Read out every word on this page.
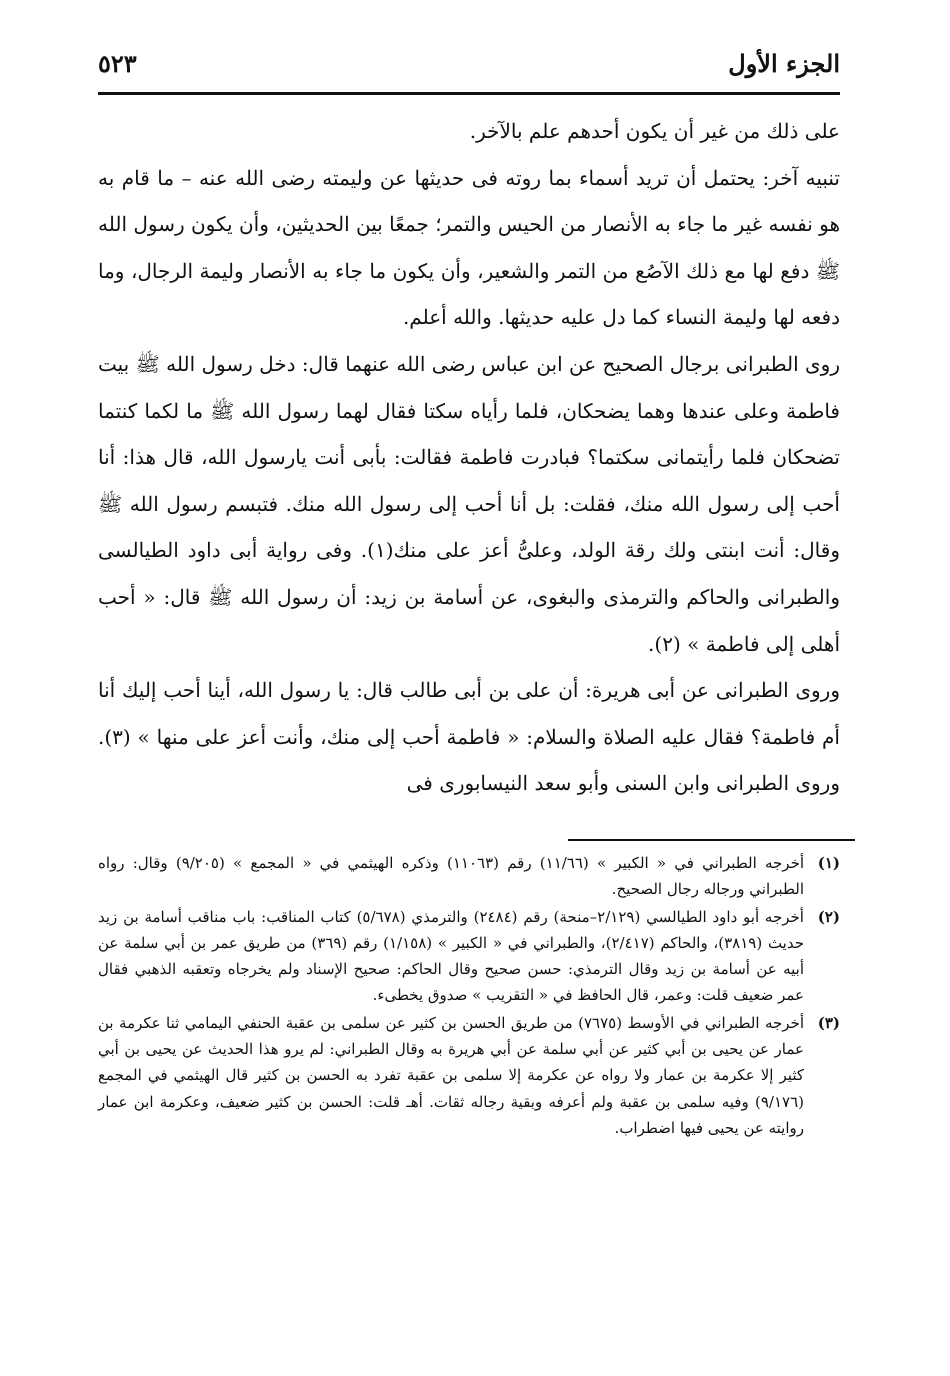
الجزء الأول
٥٢٣

على ذلك من غير أن يكون أحدهم علم بالآخر.

تنبيه آخر: يحتمل أن تريد أسماء بما روته فى حديثها عن وليمته رضى الله عنه – ما قام به هو نفسه غير ما جاء به الأنصار من الحيس والتمر؛ جمعًا بين الحديثين، وأن يكون رسول الله ﷺ دفع لها مع ذلك الآصُع من التمر والشعير، وأن يكون ما جاء به الأنصار وليمة الرجال، وما دفعه لها وليمة النساء كما دل عليه حديثها. والله أعلم.

روى الطبرانى برجال الصحيح عن ابن عباس رضى الله عنهما قال: دخل رسول الله ﷺ بيت فاطمة وعلى عندها وهما يضحكان، فلما رأياه سكتا فقال لهما رسول الله ﷺ ما لكما كنتما تضحكان فلما رأيتمانى سكتما؟ فبادرت فاطمة فقالت: بأبى أنت يارسول الله، قال هذا: أنا أحب إلى رسول الله منك، فقلت: بل أنا أحب إلى رسول الله منك. فتبسم رسول الله ﷺ وقال: أنت ابنتى ولك رقة الولد، وعلىُّ أعز على منك(١). وفى رواية أبى داود الطيالسى والطبرانى والحاكم والترمذى والبغوى، عن أسامة بن زيد: أن رسول الله ﷺ قال: « أحب أهلى إلى فاطمة » (٢).

وروى الطبرانى عن أبى هريرة: أن على بن أبى طالب قال: يا رسول الله، أينا أحب إليك أنا أم فاطمة؟ فقال عليه الصلاة والسلام: « فاطمة أحب إلى منك، وأنت أعز على منها » (٣). وروى الطبرانى وابن السنى وأبو سعد النيسابورى فى

(١)
أخرجه الطبراني في « الكبير » (١١/٦٦) رقم (١١٠٦٣) وذكره الهيثمي في « المجمع » (٩/٢٠٥) وقال: رواه الطبراني ورجاله رجال الصحيح.
(٢)
أخرجه أبو داود الطيالسي (٢/١٢٩–منحة) رقم (٢٤٨٤) والترمذي (٥/٦٧٨) كتاب المناقب: باب مناقب أسامة بن زيد حديث (٣٨١٩)، والحاكم (٢/٤١٧)، والطبراني في « الكبير » (١/١٥٨) رقم (٣٦٩) من طريق عمر بن أبي سلمة عن أبيه عن أسامة بن زيد وقال الترمذي: حسن صحيح وقال الحاكم: صحيح الإسناد ولم يخرجاه وتعقبه الذهبي فقال عمر ضعيف قلت: وعمر، قال الحافظ في « التقريب » صدوق يخطىء.
(٣)
أخرجه الطبراني في الأوسط (٧٦٧٥) من طريق الحسن بن كثير عن سلمى بن عقبة الحنفي اليمامي ثنا عكرمة بن عمار عن يحيى بن أبي كثير عن أبي سلمة عن أبي هريرة به وقال الطبراني: لم يرو هذا الحديث عن يحيى بن أبي كثير إلا عكرمة بن عمار ولا رواه عن عكرمة إلا سلمى بن عقبة تفرد به الحسن بن كثير قال الهيثمي في المجمع (٩/١٧٦) وفيه سلمى بن عقبة ولم أعرفه وبقية رجاله ثقات. أهـ قلت: الحسن بن كثير ضعيف، وعكرمة ابن عمار روايته عن يحيى فيها اضطراب.
